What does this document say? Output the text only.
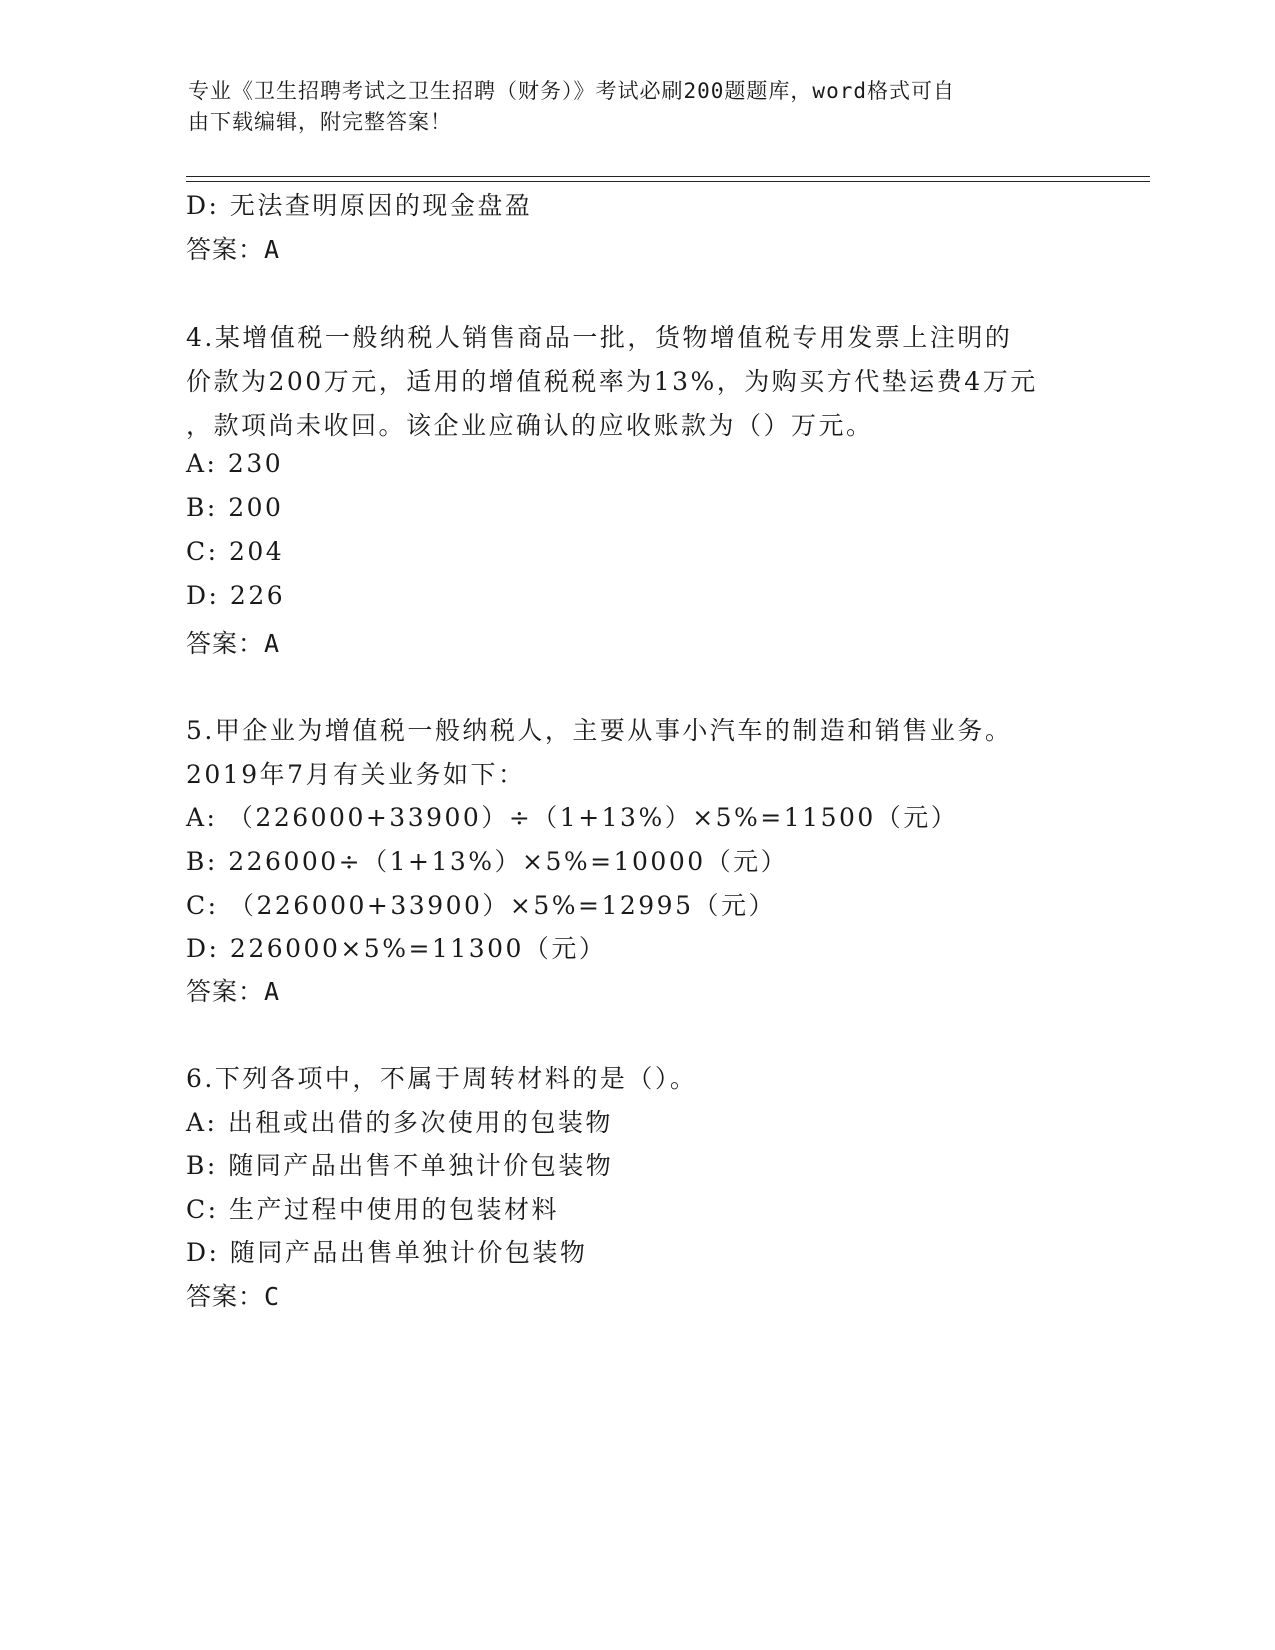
专业《卫生招聘考试之卫生招聘（财务）》考试必刷200题题库，word格式可自
由下载编辑，附完整答案！
D: 无法查明原因的现金盘盈
答案：A
4.某增值税一般纳税人销售商品一批，货物增值税专用发票上注明的
价款为200万元，适用的增值税税率为13%，为购买方代垫运费4万元
，款项尚未收回。该企业应确认的应收账款为（）万元。
A: 230
B: 200
C: 204
D: 226
答案：A
5.甲企业为增值税一般纳税人，主要从事小汽车的制造和销售业务。
2019年7月有关业务如下：
A: （226000+33900）÷（1+13%）×5%=11500（元）
B: 226000÷（1+13%）×5%=10000（元）
C: （226000+33900）×5%=12995（元）
D: 226000×5%=11300（元）
答案：A
6.下列各项中，不属于周转材料的是（）。
A: 出租或出借的多次使用的包装物
B: 随同产品出售不单独计价包装物
C: 生产过程中使用的包装材料
D: 随同产品出售单独计价包装物
答案：C
